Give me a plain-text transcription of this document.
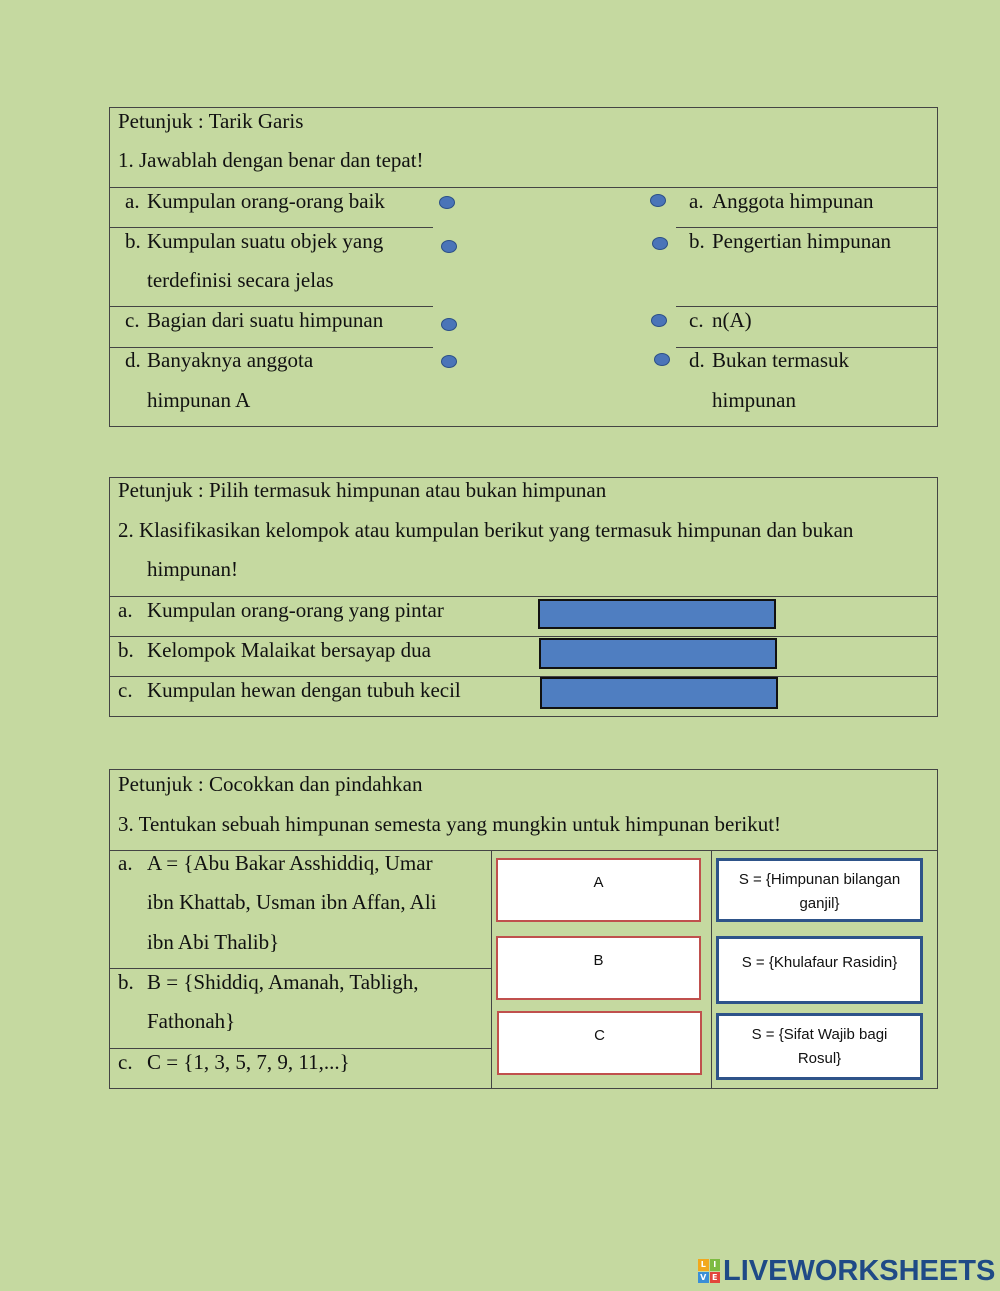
Petunjuk : Tarik Garis
1. Jawablah dengan benar dan tepat!
a. Kumpulan orang-orang baik
b. Kumpulan suatu objek yang
terdefinisi secara jelas
c. Bagian dari suatu himpunan
d. Banyaknya anggota
himpunan A
a. Anggota himpunan
b. Pengertian himpunan
c. n(A)
d. Bukan termasuk
himpunan
Petunjuk : Pilih termasuk himpunan atau bukan himpunan
2. Klasifikasikan kelompok atau kumpulan berikut yang termasuk himpunan dan bukan
himpunan!
a. Kumpulan orang-orang yang pintar
b. Kelompok Malaikat bersayap dua
c. Kumpulan hewan dengan tubuh kecil
Petunjuk : Cocokkan dan pindahkan
3. Tentukan sebuah himpunan semesta yang mungkin untuk himpunan berikut!
a. A = {Abu Bakar Asshiddiq, Umar
ibn Khattab, Usman ibn Affan, Ali
ibn Abi Thalib}
b. B = {Shiddiq, Amanah, Tabligh,
Fathonah}
c. C = {1, 3, 5, 7, 9, 11,...}
A
B
C
S = {Himpunan bilangan
ganjil}
S = {Khulafaur Rasidin}
S = {Sifat Wajib bagi
Rosul}
L I
V E LIVEWORKSHEETS
